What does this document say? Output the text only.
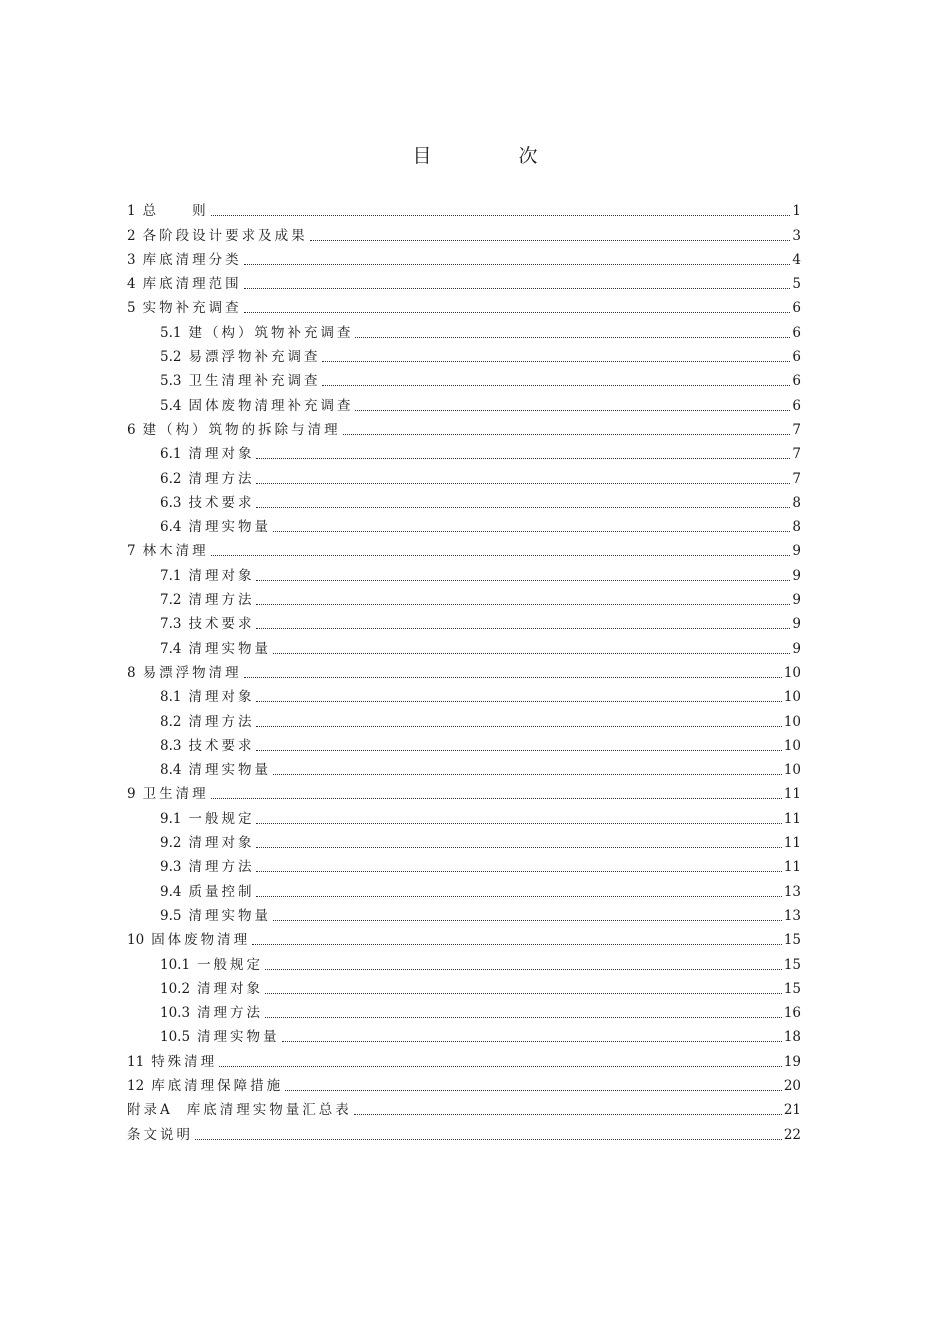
目　次
1 总　　则	1
2 各阶段设计要求及成果	3
3 库底清理分类	4
4 库底清理范围	5
5 实物补充调查	6
5.1 建（构）筑物补充调查	6
5.2 易漂浮物补充调查	6
5.3 卫生清理补充调查	6
5.4 固体废物清理补充调查	6
6 建（构）筑物的拆除与清理	7
6.1 清理对象	7
6.2 清理方法	7
6.3 技术要求	8
6.4 清理实物量	8
7 林木清理	9
7.1 清理对象	9
7.2 清理方法	9
7.3 技术要求	9
7.4 清理实物量	9
8 易漂浮物清理	10
8.1 清理对象	10
8.2 清理方法	10
8.3 技术要求	10
8.4 清理实物量	10
9 卫生清理	11
9.1 一般规定	11
9.2 清理对象	11
9.3 清理方法	11
9.4 质量控制	13
9.5 清理实物量	13
10 固体废物清理	15
10.1 一般规定	15
10.2 清理对象	15
10.3 清理方法	16
10.5 清理实物量	18
11 特殊清理	19
12 库底清理保障措施	20
附录A 库底清理实物量汇总表	21
条文说明	22
